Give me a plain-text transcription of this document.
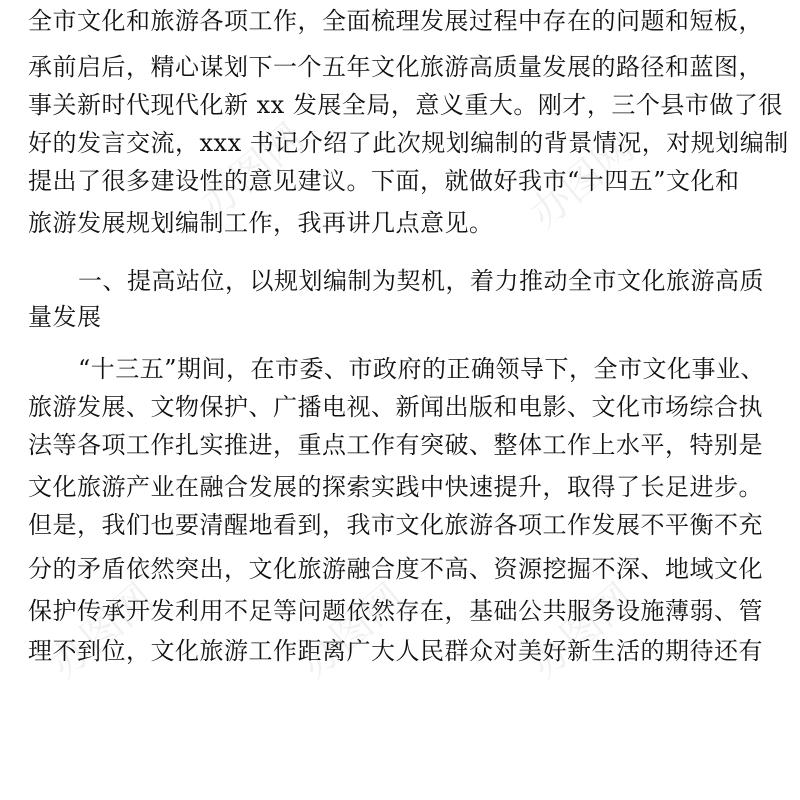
办图网	办图网
办图网	办图网	办图网
全市文化和旅游各项工作，全面梳理发展过程中存在的问题和短板，
承前启后，精心谋划下一个五年文化旅游高质量发展的路径和蓝图，
事关新时代现代化新 xx 发展全局，意义重大。刚才，三个县市做了很
好的发言交流，xxx 书记介绍了此次规划编制的背景情况，对规划编制
提出了很多建设性的意见建议。下面，就做好我市“十四五”文化和
旅游发展规划编制工作，我再讲几点意见。
一、提高站位，以规划编制为契机，着力推动全市文化旅游高质
量发展
“十三五”期间，在市委、市政府的正确领导下，全市文化事业、
旅游发展、文物保护、广播电视、新闻出版和电影、文化市场综合执
法等各项工作扎实推进，重点工作有突破、整体工作上水平，特别是
文化旅游产业在融合发展的探索实践中快速提升，取得了长足进步。
但是，我们也要清醒地看到，我市文化旅游各项工作发展不平衡不充
分的矛盾依然突出，文化旅游融合度不高、资源挖掘不深、地域文化
保护传承开发利用不足等问题依然存在，基础公共服务设施薄弱、管
理不到位，文化旅游工作距离广大人民群众对美好新生活的期待还有
